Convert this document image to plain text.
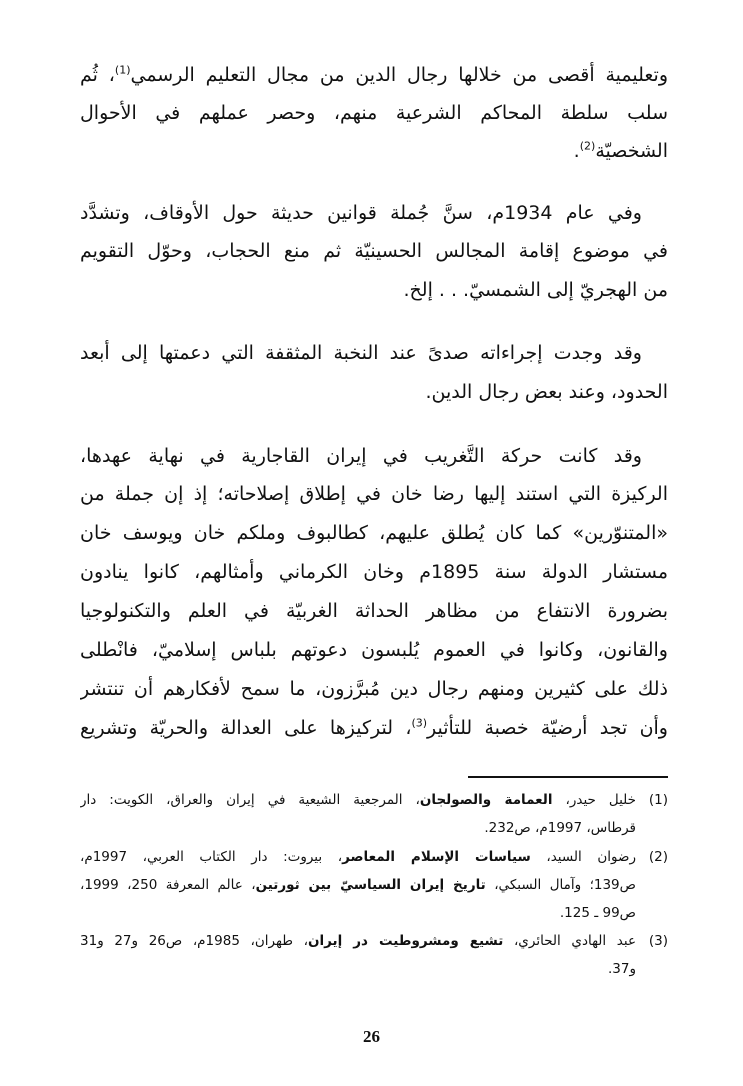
وتعليمية أقصى من خلالها رجال الدين من مجال التعليم الرسمي$^{(1)}$، ثُم
سلب سلطة المحاكم الشرعية منهم، وحصر عملهم في الأحوال
الشخصيّة$^{(2)}$.
وفي عام 1934م، سنَّ جُملة قوانين حديثة حول الأوقاف، وتشدَّد
في موضوع إقامة المجالس الحسينيّة ثم منع الحجاب، وحوّل التقويم
من الهجريّ إلى الشمسيّ. . . إلخ.
وقد وجدت إجراءاته صدىً عند النخبة المثقفة التي دعمتها إلى أبعد
الحدود، وعند بعض رجال الدين.
وقد كانت حركة التَّغريب في إيران القاجارية في نهاية عهدها،
الركيزة التي استند إليها رضا خان في إطلاق إصلاحاته؛ إذ إن جملة من
«المتنوّرين» كما كان يُطلق عليهم، كطالبوف وملكم خان ويوسف خان
مستشار الدولة سنة 1895م وخان الكرماني وأمثالهم، كانوا ينادون
بضرورة الانتفاع من مظاهر الحداثة الغربيّة في العلم والتكنولوجيا
والقانون، وكانوا في العموم يُلبسون دعوتهم بلباس إسلاميّ، فانْطلى
ذلك على كثيرين ومنهم رجال دين مُبرَّزون، ما سمح لأفكارهم أن تنتشر
وأن تجد أرضيّة خصبة للتأثير$^{(3)}$، لتركيزها على العدالة والحريّة وتشريع
(1)
خليل حيدر، العمامة والصولجان، المرجعية الشيعية في إيران والعراق، الكويت: دار
قرطاس، 1997م، ص232.
(2)
رضوان السيد، سياسات الإسلام المعاصر، بيروت: دار الكتاب العربي، 1997م،
ص139؛ وآمال السبكي، تاريخ إيران السياسيّ بين ثورتين، عالم المعرفة 250، 1999،
ص99 ـ 125.
(3)
عبد الهادي الحائري، تشيع ومشروطيت در إيران، طهران، 1985م، ص26 و27 و31
و37.
26
